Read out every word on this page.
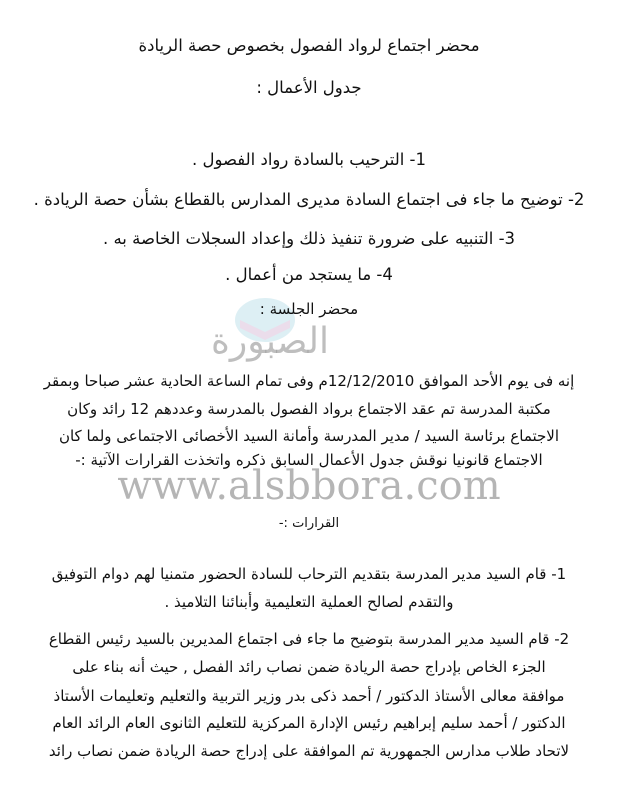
الصبورة
محضر اجتماع لرواد الفصول بخصوص حصة الريادة
جدول الأعمال :
1- الترحيب بالسادة رواد الفصول .
2- توضيح ما جاء فى اجتماع السادة مديرى المدارس بالقطاع بشأن حصة الريادة .
3- التنبيه على ضرورة تنفيذ ذلك وإعداد السجلات الخاصة به .
4- ما يستجد من أعمال .
محضر الجلسة :
إنه فى يوم الأحد الموافق 12/12/2010م وفى تمام الساعة الحادية عشر صباحا وبمقر
مكتبة المدرسة تم عقد الاجتماع برواد الفصول بالمدرسة وعددهم 12 رائد وكان
الاجتماع برئاسة السيد / مدير المدرسة وأمانة السيد الأخصائى الاجتماعى ولما كان
الاجتماع قانونيا نوقش جدول الأعمال السابق ذكره واتخذت القرارات الآتية :-
www.alsbbora.com
القرارات :-
1- قام السيد مدير المدرسة بتقديم الترحاب للسادة الحضور متمنيا لهم دوام التوفيق
والتقدم لصالح العملية التعليمية وأبنائنا التلاميذ .
2- قام السيد مدير المدرسة بتوضيح ما جاء فى اجتماع المديرين بالسيد رئيس القطاع
الجزء الخاص بإدراج حصة الريادة ضمن نصاب رائد الفصل , حيث أنه بناء على
موافقة معالى الأستاذ الدكتور / أحمد ذكى بدر وزير التربية والتعليم وتعليمات الأستاذ
الدكتور / أحمد سليم إبراهيم رئيس الإدارة المركزية للتعليم الثانوى العام الرائد العام
لاتحاد طلاب مدارس الجمهورية تم الموافقة على إدراج حصة الريادة ضمن نصاب رائد
